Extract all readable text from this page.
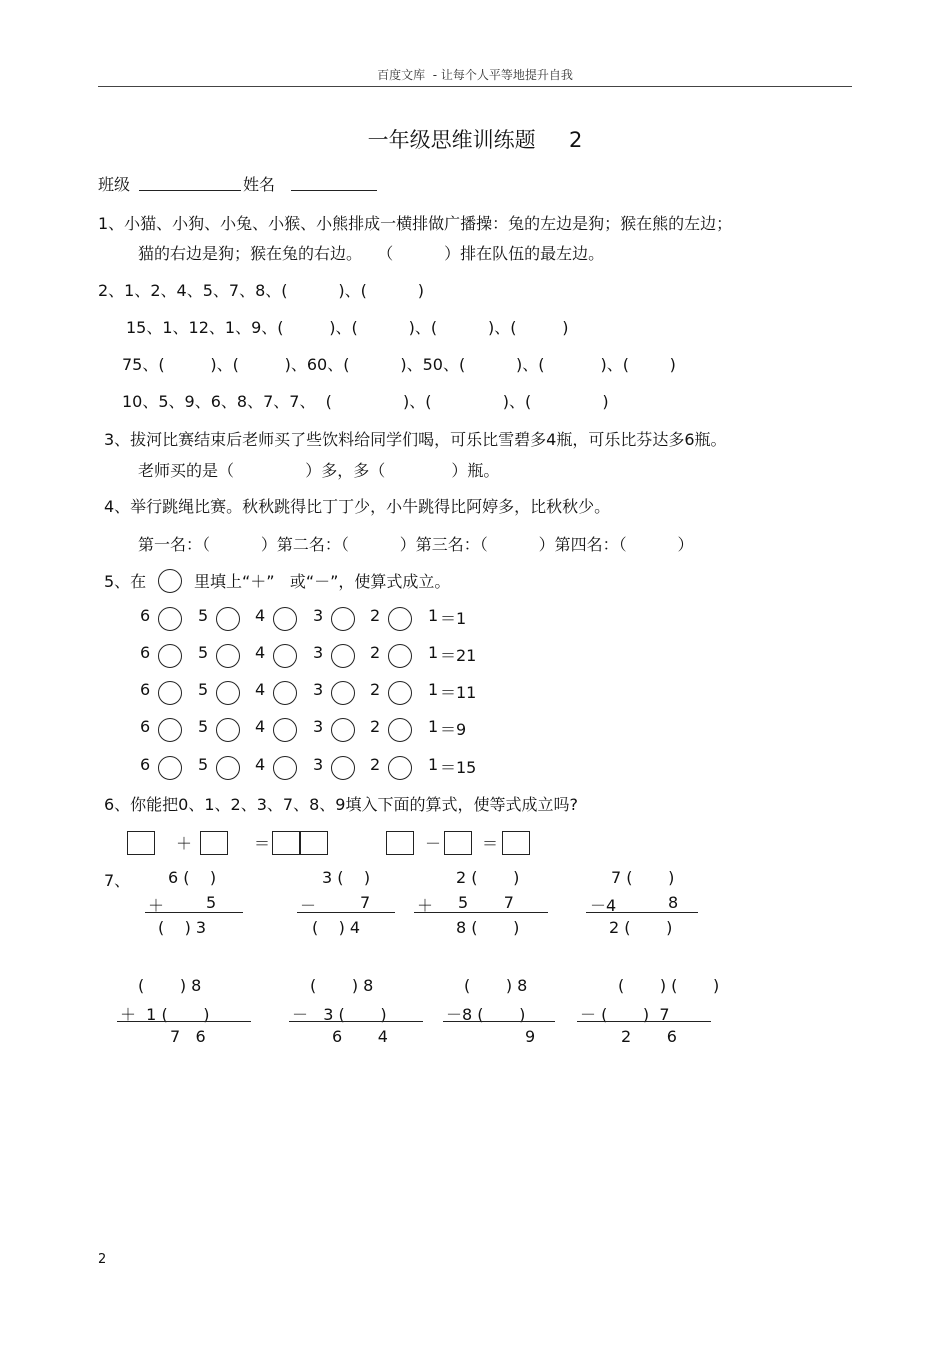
百度文库  - 让每个人平等地提升自我
一年级思维训练题     2
班级	姓名
1、小猫、小狗、小兔、小猴、小熊排成一横排做广播操：兔的左边是狗；猴在熊的左边；
猫的右边是狗；猴在兔的右边。   （          ）排在队伍的最左边。
2、1、2、4、5、7、8、(          )、(          )
15、1、12、1、9、(         )、(          )、(          )、(         )
75、(         )、(         )、60、(          )、50、(          )、(           )、(        )
10、5、9、6、8、7、7、  (              )、(              )、(              )
3、拔河比赛结束后老师买了些饮料给同学们喝，可乐比雪碧多4瓶，可乐比芬达多6瓶。
老师买的是（              ）多，多（             ）瓶。
4、举行跳绳比赛。秋秋跳得比丁丁少，小牛跳得比阿婷多，比秋秋少。
第一名：（          ）第二名：（          ）第三名：（          ）第四名：（          ）
5、在	里填上“＋”   或“－”，使算式成立。
6	5	4	3	2	1 ＝1
6	5	4	3	2	1 ＝21
6	5	4	3	2	1 ＝11
6	5	4	3	2	1 ＝9
6	5	4	3	2	1 ＝15
6、你能把0、1、2、3、7、8、9填入下面的算式，使等式成立吗?
＋	＝	－	＝
7、 6 (    )
＋	5
(    ) 3
3 (    )
－	7
(    ) 4
2 (       )
＋ 5       7
8 (       )
7 (       )
－4	8
2 (       )
(       ) 8
＋  1 (       )
7   6
(       ) 8
－   3 (       )
6       4
(       ) 8
－8 (       )
9
(       ) (       )
－ (       )  7
2       6
2
